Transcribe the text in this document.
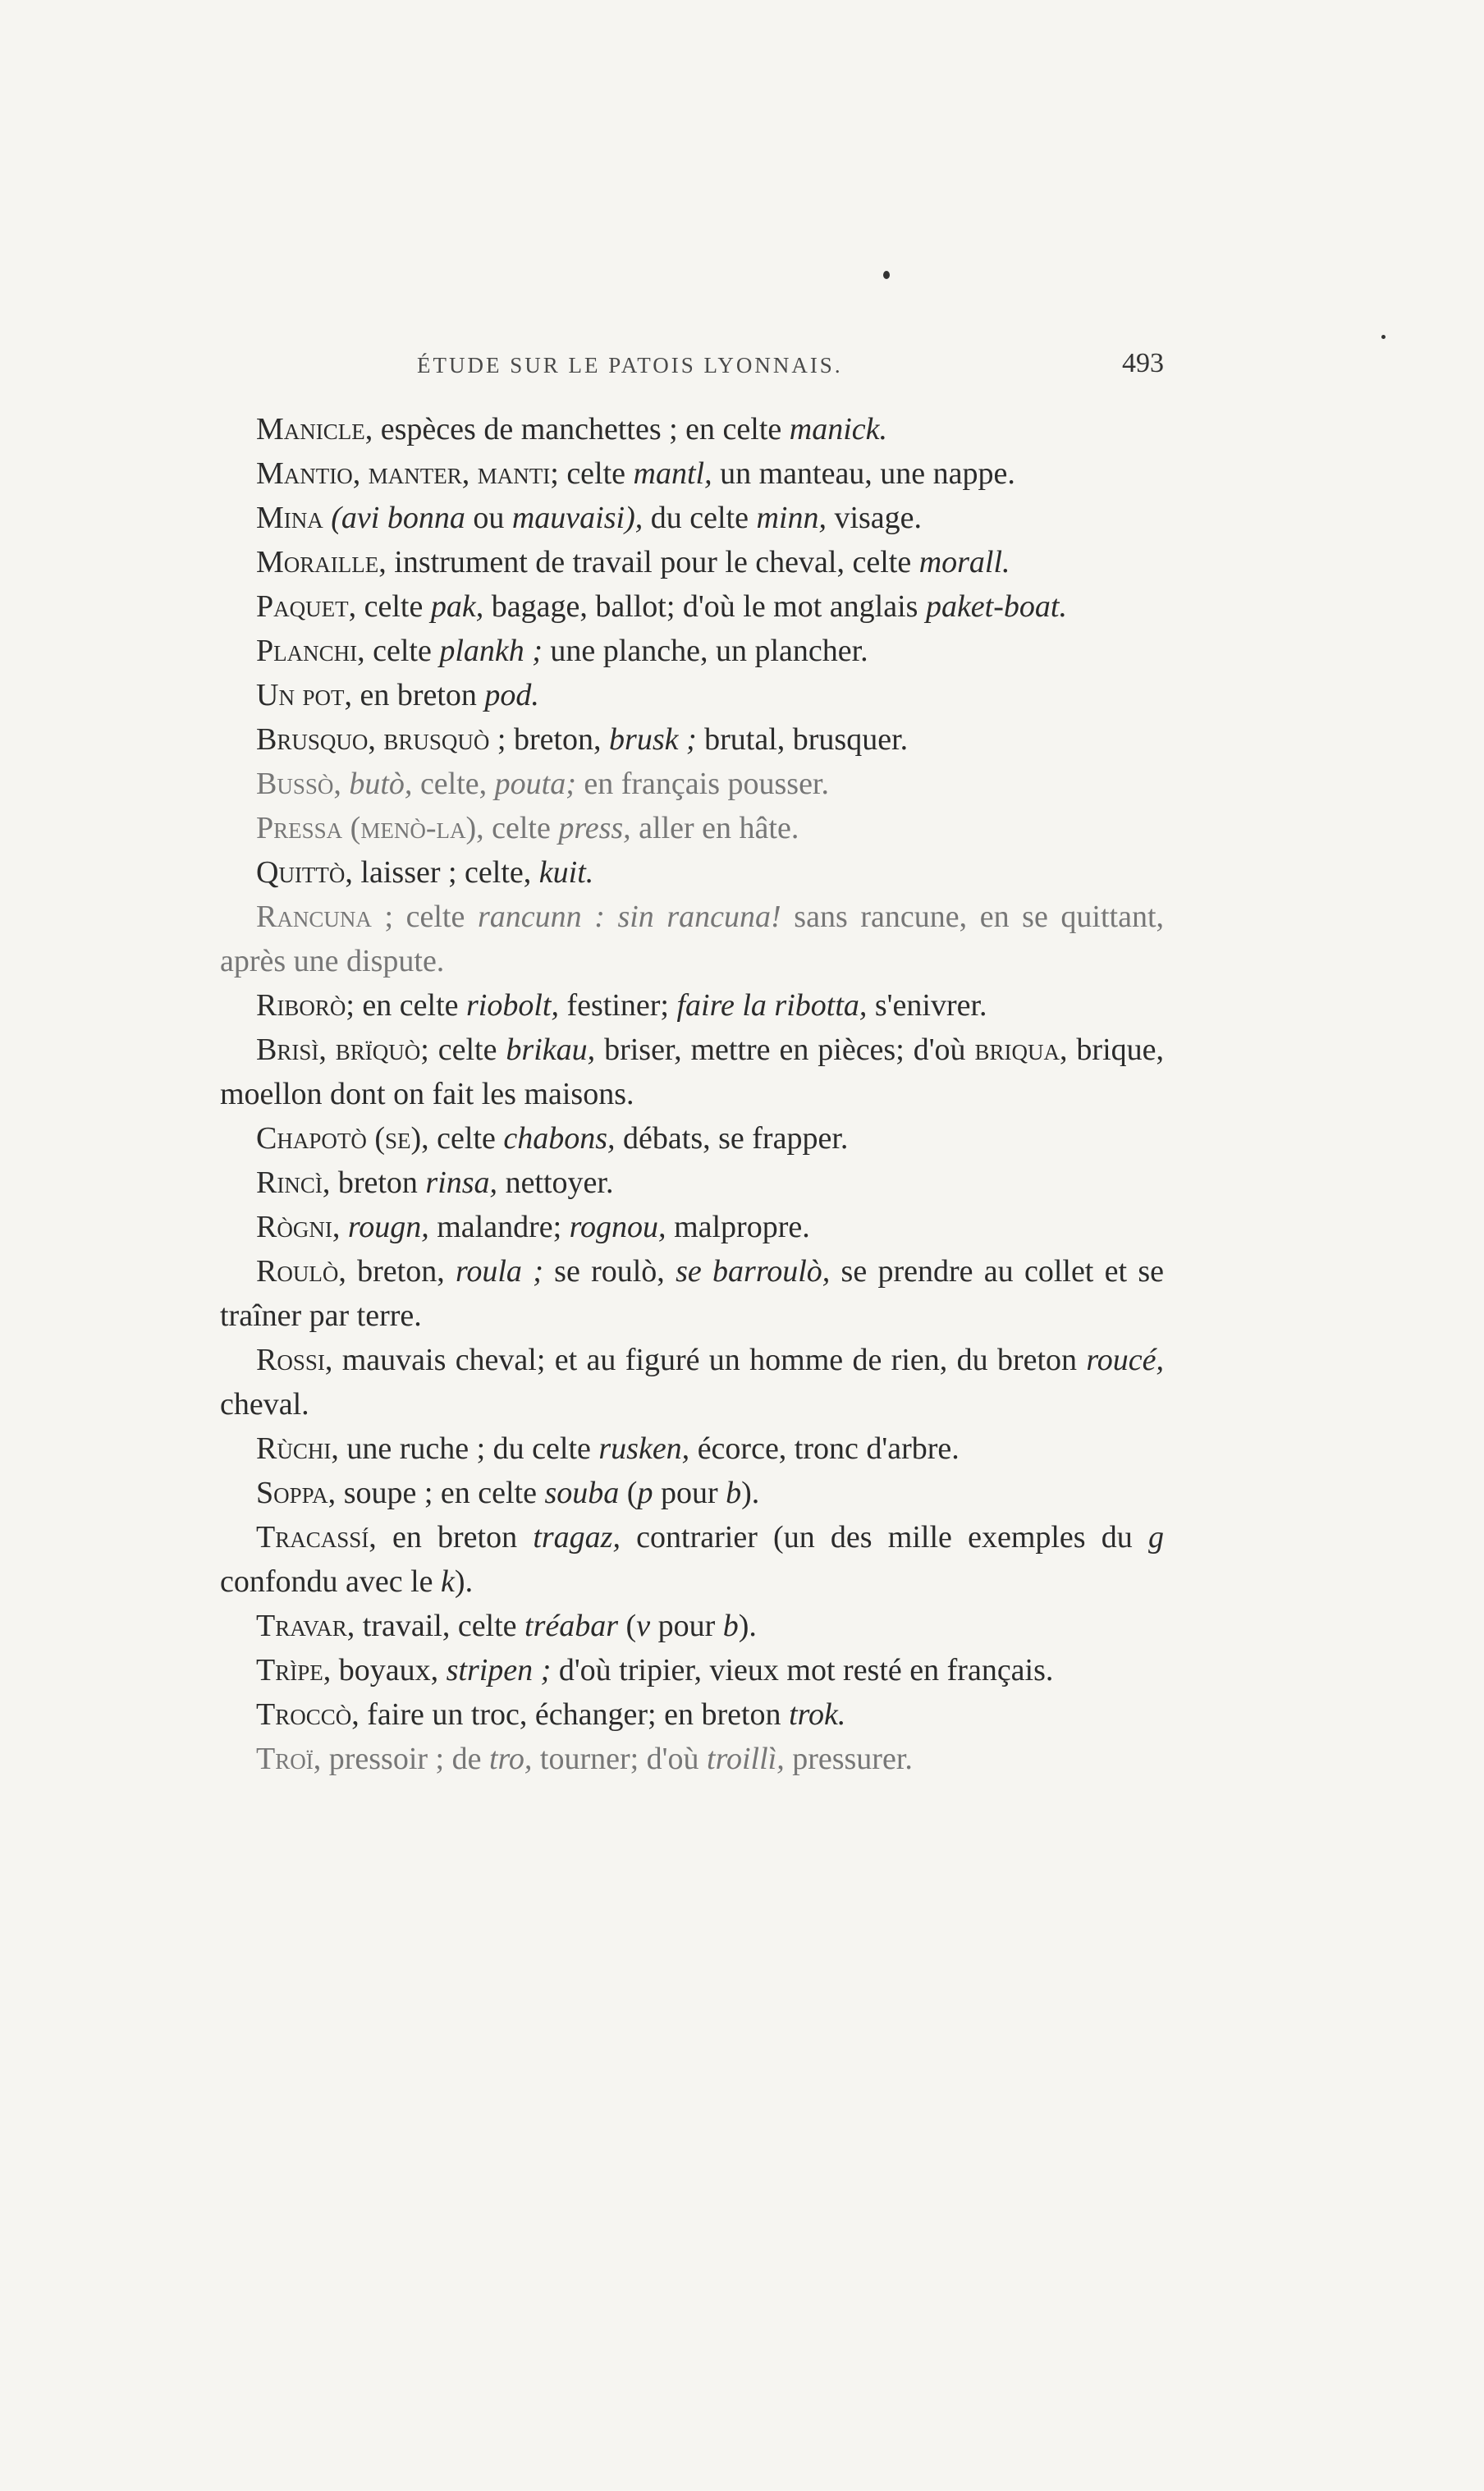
ÉTUDE SUR LE PATOIS LYONNAIS.	493

Manicle, espèces de manchettes ; en celte manick.

Mantio, manter, manti; celte mantl, un manteau, une nappe.

Mina (avi bonna ou mauvaisi), du celte minn, visage.

Moraille, instrument de travail pour le cheval, celte morall.

Paquet, celte pak, bagage, ballot; d'où le mot anglais paket-boat.

Planchi, celte plankh ; une planche, un plancher.

Un pot, en breton pod.

Brusquo, brusquò ; breton, brusk ; brutal, brusquer.

Bussò, butò, celte, pouta; en français pousser.

Pressa (menò-la), celte press, aller en hâte.

Quittò, laisser ; celte, kuit.

Rancuna ; celte rancunn : sin rancuna! sans rancune, en se quittant, après une dispute.

Riborò; en celte riobolt, festiner; faire la ribotta, s'enivrer.

Brisì, brïquò; celte brikau, briser, mettre en pièces; d'où briqua, brique, moellon dont on fait les maisons.

Chapotò (se), celte chabons, débats, se frapper.

Rincì, breton rinsa, nettoyer.

Rògni, rougn, malandre; rognou, malpropre.

Roulò, breton, roula ; se roulò, se barroulò, se prendre au collet et se traîner par terre.

Rossi, mauvais cheval; et au figuré un homme de rien, du breton roucé, cheval.

Rùchi, une ruche ; du celte rusken, écorce, tronc d'arbre.

Soppa, soupe ; en celte souba (p pour b).

Tracassí, en breton tragaz, contrarier (un des mille exemples du g confondu avec le k).

Travar, travail, celte tréabar (v pour b).

Trìpe, boyaux, stripen ; d'où tripier, vieux mot resté en français.

Troccò, faire un troc, échanger; en breton trok.

Troï, pressoir ; de tro, tourner; d'où troillì, pressurer.
